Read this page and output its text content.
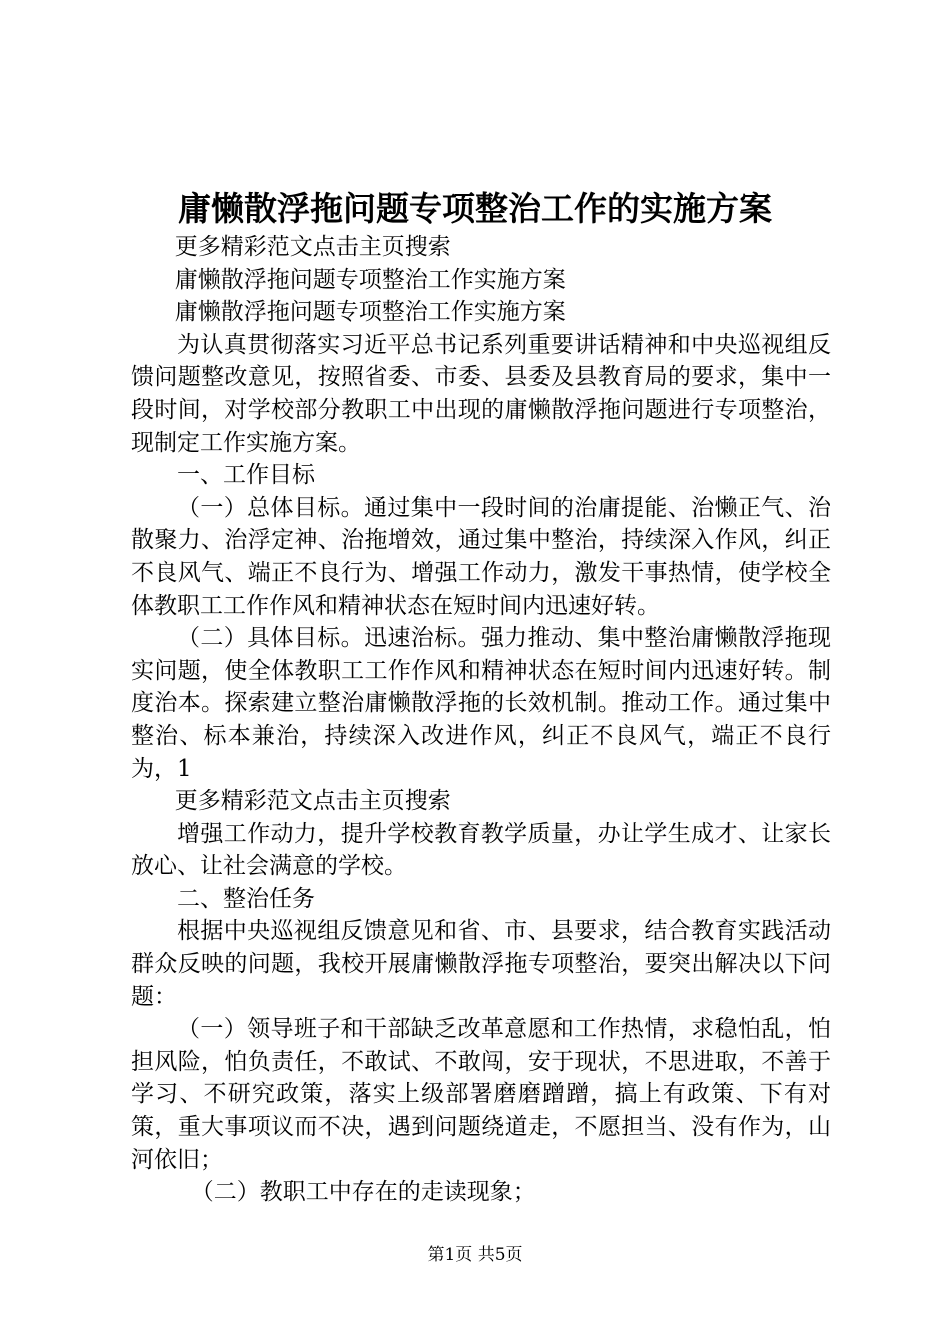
庸懒散浮拖问题专项整治工作的实施方案

更多精彩范文点击主页搜索

庸懒散浮拖问题专项整治工作实施方案

庸懒散浮拖问题专项整治工作实施方案

为认真贯彻落实习近平总书记系列重要讲话精神和中央巡视组反馈问题整改意见，按照省委、市委、县委及县教育局的要求，集中一段时间，对学校部分教职工中出现的庸懒散浮拖问题进行专项整治，现制定工作实施方案。

一、工作目标

（一）总体目标。通过集中一段时间的治庸提能、治懒正气、治散聚力、治浮定神、治拖增效，通过集中整治，持续深入作风，纠正不良风气、端正不良行为、增强工作动力，激发干事热情，使学校全体教职工工作作风和精神状态在短时间内迅速好转。

（二）具体目标。迅速治标。强力推动、集中整治庸懒散浮拖现实问题，使全体教职工工作作风和精神状态在短时间内迅速好转。制度治本。探索建立整治庸懒散浮拖的长效机制。推动工作。通过集中整治、标本兼治，持续深入改进作风，纠正不良风气，端正不良行为，1

更多精彩范文点击主页搜索

增强工作动力，提升学校教育教学质量，办让学生成才、让家长放心、让社会满意的学校。

二、整治任务

根据中央巡视组反馈意见和省、市、县要求，结合教育实践活动群众反映的问题，我校开展庸懒散浮拖专项整治，要突出解决以下问题：

（一）领导班子和干部缺乏改革意愿和工作热情，求稳怕乱，怕担风险，怕负责任，不敢试、不敢闯，安于现状，不思进取，不善于学习、不研究政策，落实上级部署磨磨蹭蹭，搞上有政策、下有对策，重大事项议而不决，遇到问题绕道走，不愿担当、没有作为，山河依旧；

（二）教职工中存在的走读现象；

第1页 共5页
